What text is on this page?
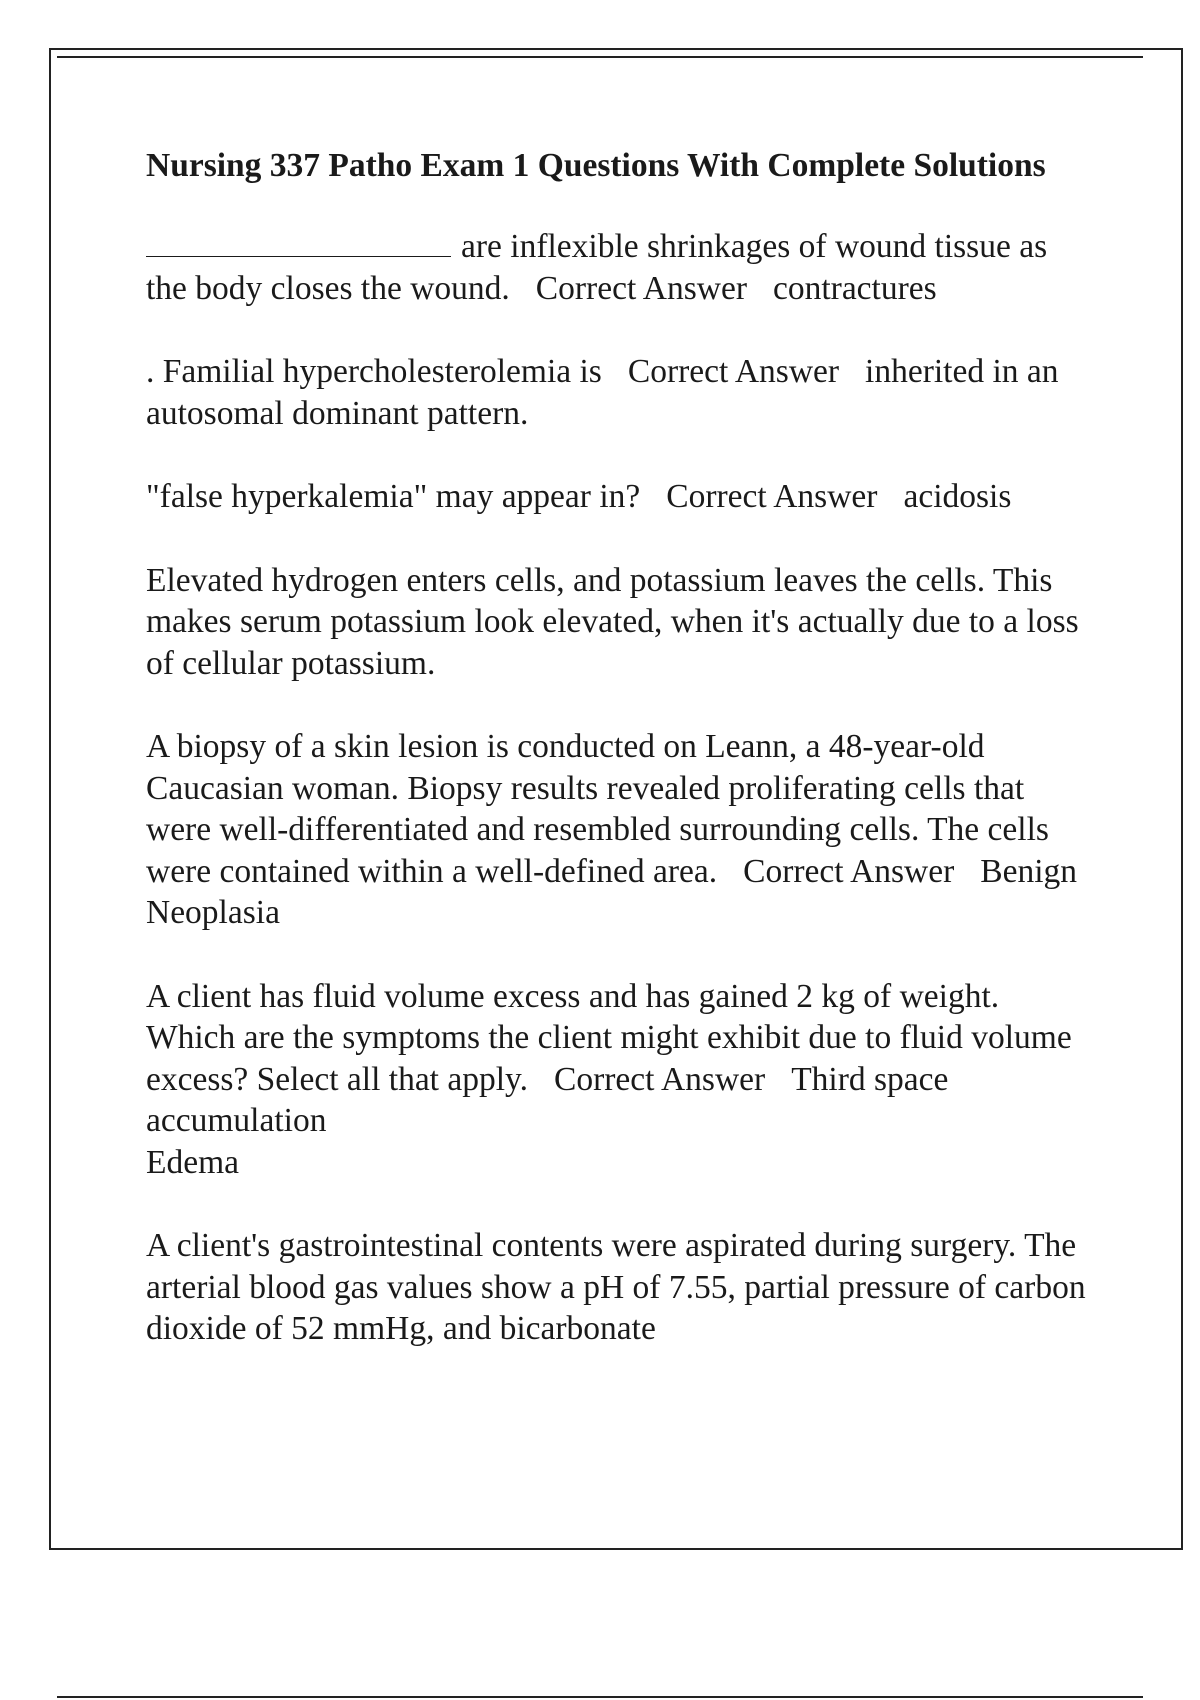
Nursing 337 Patho Exam 1 Questions With Complete Solutions

are inflexible shrinkages of wound tissue as the body closes the wound. Correct Answer contractures

. Familial hypercholesterolemia is Correct Answer inherited in an autosomal dominant pattern.

"false hyperkalemia" may appear in? Correct Answer acidosis

Elevated hydrogen enters cells, and potassium leaves the cells. This makes serum potassium look elevated, when it's actually due to a loss of cellular potassium.

A biopsy of a skin lesion is conducted on Leann, a 48-year-old Caucasian woman. Biopsy results revealed proliferating cells that were well-differentiated and resembled surrounding cells. The cells were contained within a well-defined area. Correct Answer Benign Neoplasia

A client has fluid volume excess and has gained 2 kg of weight. Which are the symptoms the client might exhibit due to fluid volume excess? Select all that apply. Correct Answer Third space accumulation
Edema

A client's gastrointestinal contents were aspirated during surgery. The arterial blood gas values show a pH of 7.55, partial pressure of carbon dioxide of 52 mmHg, and bicarbonate
